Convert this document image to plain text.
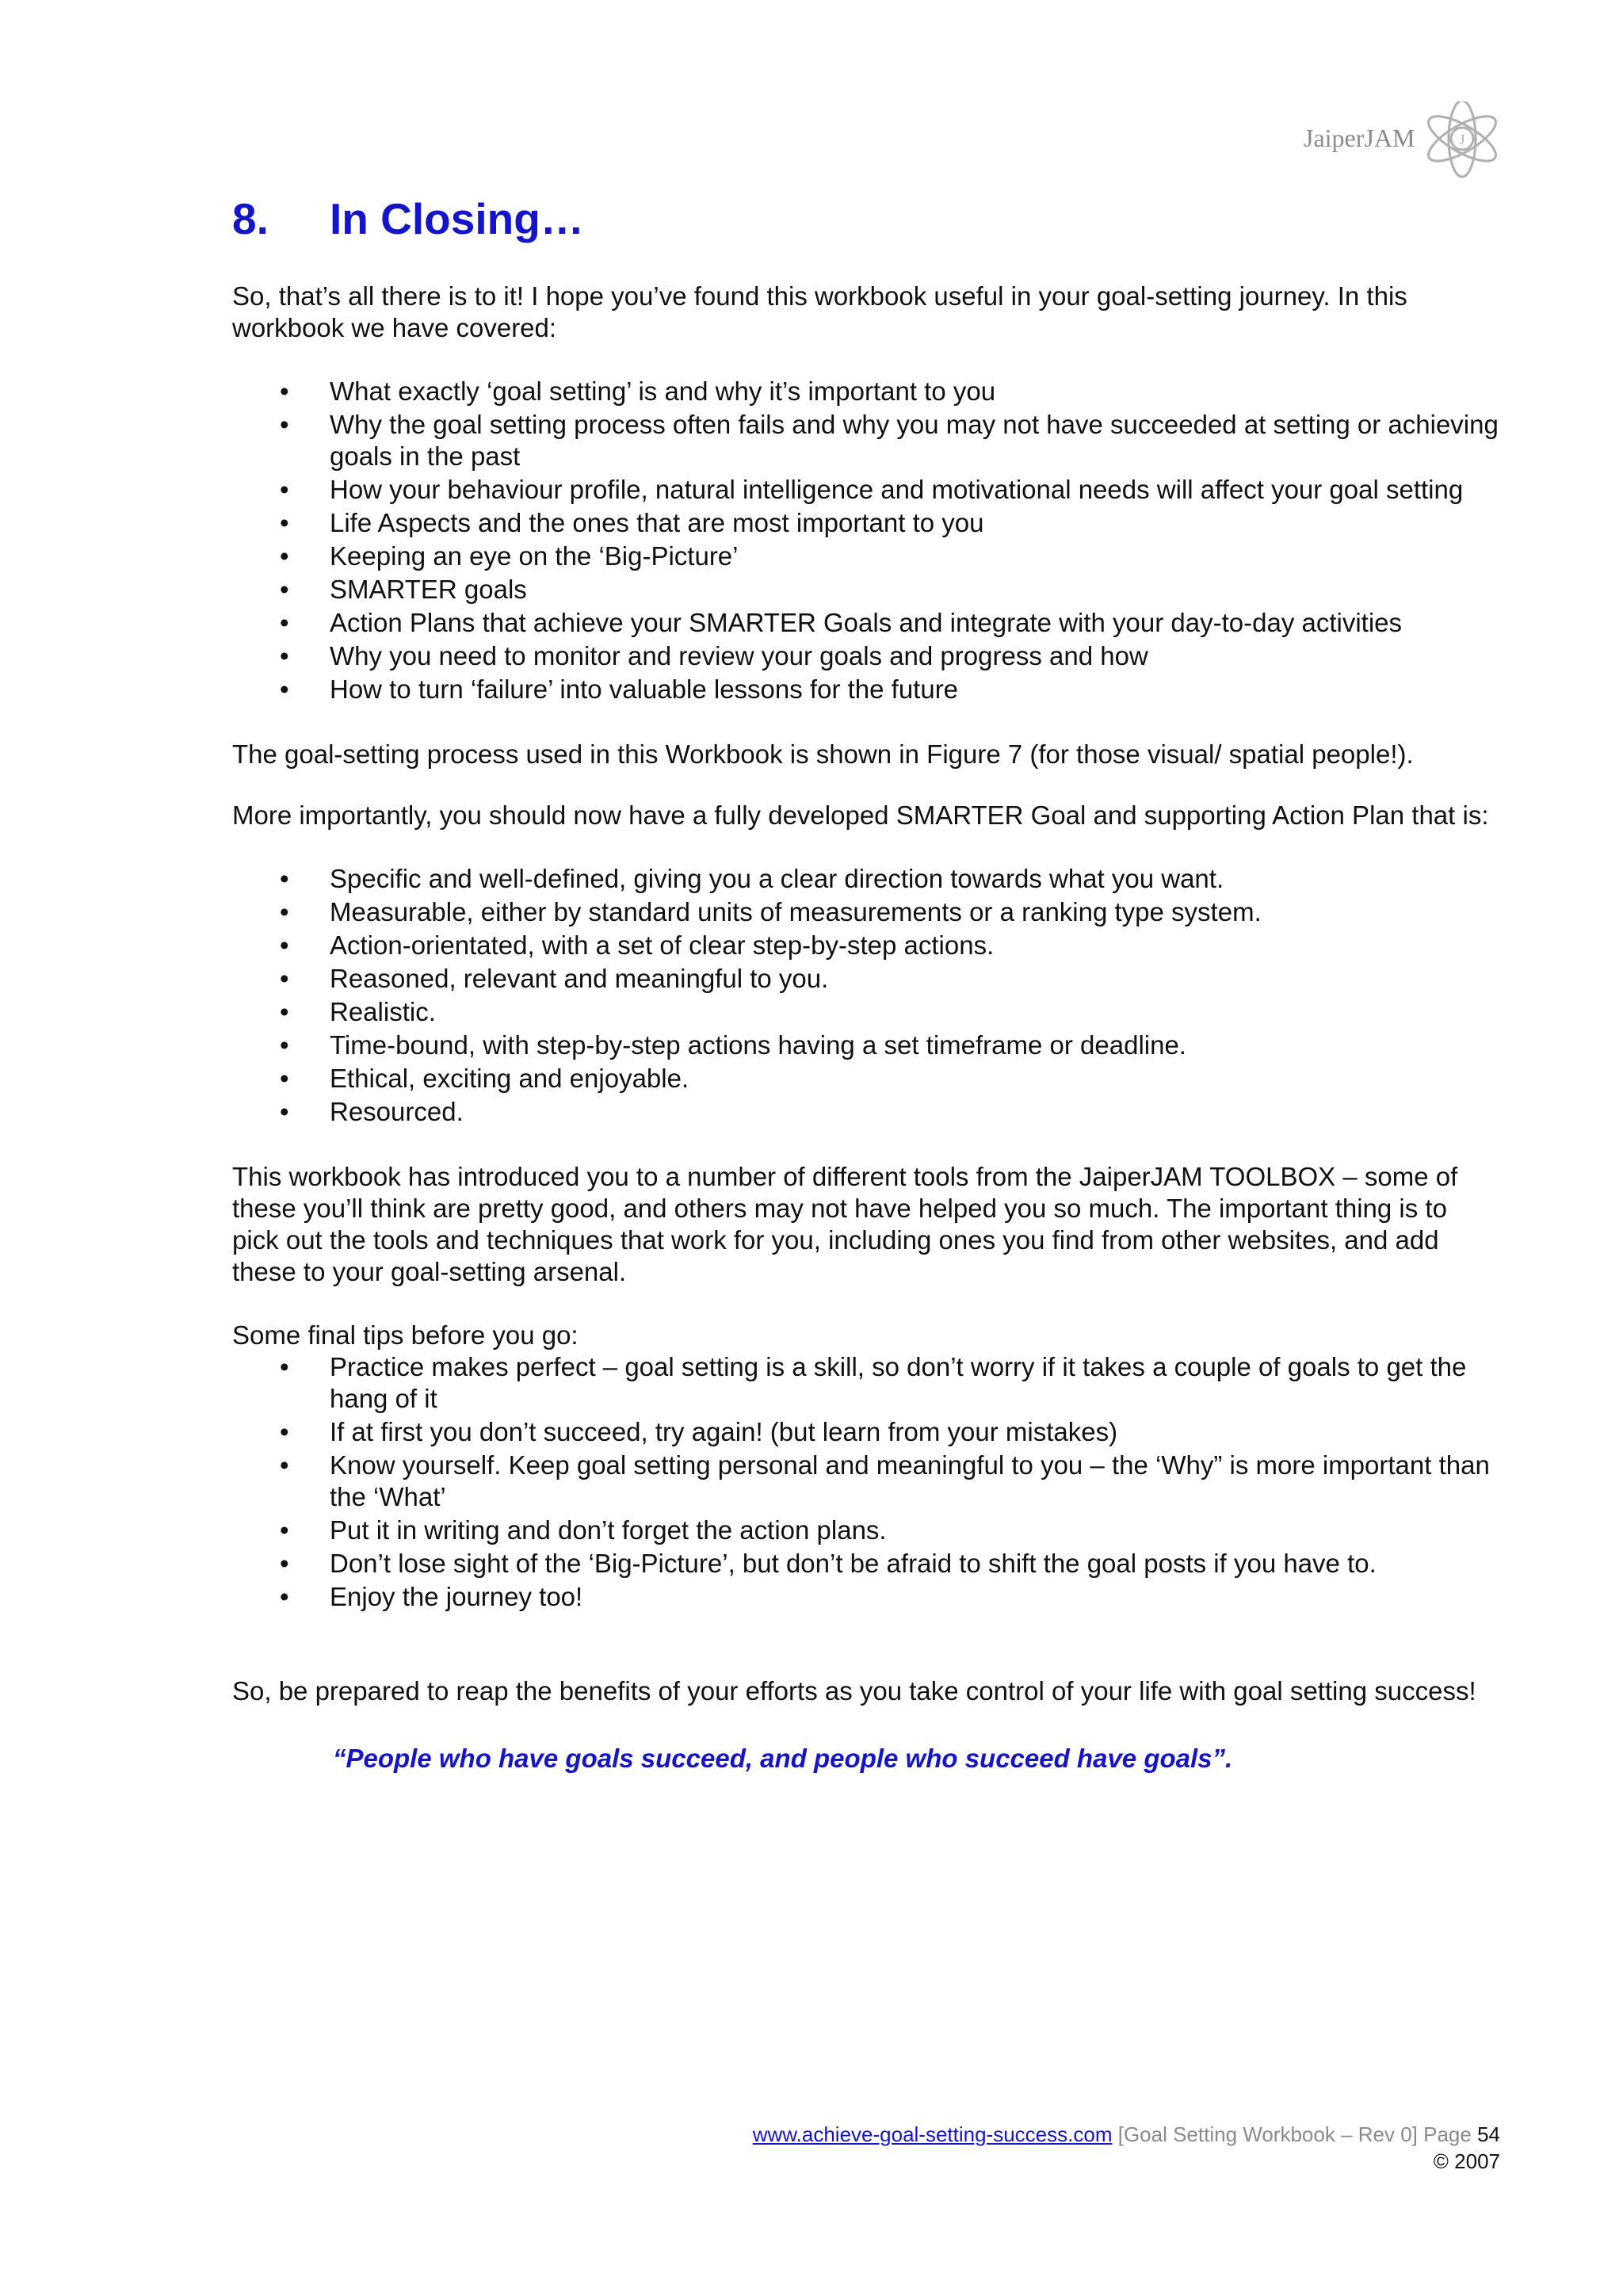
JaiperJAM	J
8. In Closing…

So, that’s all there is to it! I hope you’ve found this workbook useful in your goal-setting journey. In this workbook we have covered:

• What exactly ‘goal setting’ is and why it’s important to you
• Why the goal setting process often fails and why you may not have succeeded at setting or achieving goals in the past
• How your behaviour profile, natural intelligence and motivational needs will affect your goal setting
• Life Aspects and the ones that are most important to you
• Keeping an eye on the ‘Big-Picture’
• SMARTER goals
• Action Plans that achieve your SMARTER Goals and integrate with your day-to-day activities
• Why you need to monitor and review your goals and progress and how
• How to turn ‘failure’ into valuable lessons for the future

The goal-setting process used in this Workbook is shown in Figure 7 (for those visual/ spatial people!).

More importantly, you should now have a fully developed SMARTER Goal and supporting Action Plan that is:

• Specific and well-defined, giving you a clear direction towards what you want.
• Measurable, either by standard units of measurements or a ranking type system.
• Action-orientated, with a set of clear step-by-step actions.
• Reasoned, relevant and meaningful to you.
• Realistic.
• Time-bound, with step-by-step actions having a set timeframe or deadline.
• Ethical, exciting and enjoyable.
• Resourced.

This workbook has introduced you to a number of different tools from the JaiperJAM TOOLBOX – some of these you’ll think are pretty good, and others may not have helped you so much. The important thing is to pick out the tools and techniques that work for you, including ones you find from other websites, and add these to your goal-setting arsenal.

Some final tips before you go:

• Practice makes perfect – goal setting is a skill, so don’t worry if it takes a couple of goals to get the hang of it
• If at first you don’t succeed, try again! (but learn from your mistakes)
• Know yourself. Keep goal setting personal and meaningful to you – the ‘Why” is more important than the ‘What’
• Put it in writing and don’t forget the action plans.
• Don’t lose sight of the ‘Big-Picture’, but don’t be afraid to shift the goal posts if you have to.
• Enjoy the journey too!

So, be prepared to reap the benefits of your efforts as you take control of your life with goal setting success!

“People who have goals succeed, and people who succeed have goals”.

www.achieve-goal-setting-success.com [Goal Setting Workbook – Rev 0] Page 54
© 2007
